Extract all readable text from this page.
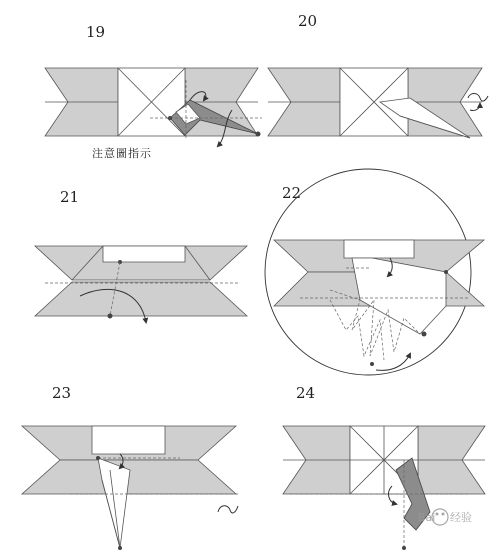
19
注意圖指示
20
21	22
23	24
Bai 经验
